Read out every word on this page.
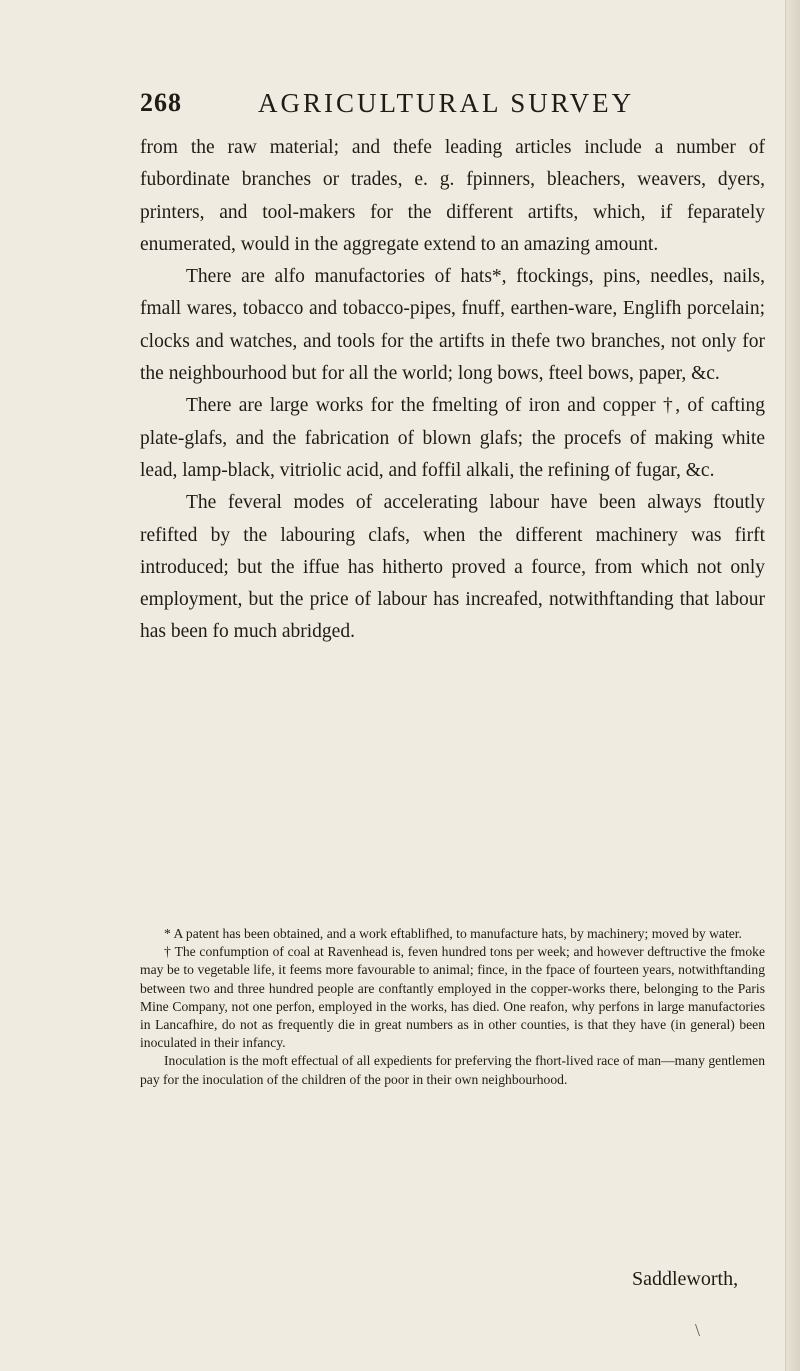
268	AGRICULTURAL SURVEY

from the raw material; and thefe leading articles include a number of fubordinate branches or trades, e. g. fpinners, bleachers, weavers, dyers, printers, and tool-makers for the different artifts, which, if feparately enumerated, would in the aggregate extend to an amazing amount.

There are alfo manufactories of hats*, ftockings, pins, needles, nails, fmall wares, tobacco and tobacco-pipes, fnuff, earthen-ware, Englifh porcelain; clocks and watches, and tools for the artifts in thefe two branches, not only for the neighbourhood but for all the world; long bows, fteel bows, paper, &c.

There are large works for the fmelting of iron and copper †, of cafting plate-glafs, and the fabrication of blown glafs; the procefs of making white lead, lamp-black, vitriolic acid, and foffil alkali, the refining of fugar, &c.

The feveral modes of accelerating labour have been always ftoutly refifted by the labouring clafs, when the different machinery was firft introduced; but the iffue has hitherto proved a fource, from which not only employment, but the price of labour has increafed, notwithftanding that labour has been fo much abridged.

* A patent has been obtained, and a work eftablifhed, to manufacture hats, by machinery; moved by water.

† The confumption of coal at Ravenhead is, feven hundred tons per week; and however deftructive the fmoke may be to vegetable life, it feems more favourable to animal; fince, in the fpace of fourteen years, notwithftanding between two and three hundred people are conftantly employed in the copper-works there, belonging to the Paris Mine Company, not one perfon, employed in the works, has died. One reafon, why perfons in large manufactories in Lancafhire, do not as frequently die in great numbers as in other counties, is that they have (in general) been inoculated in their infancy.

Inoculation is the moft effectual of all expedients for preferving the fhort-lived race of man—many gentlemen pay for the inoculation of the children of the poor in their own neighbourhood.

Saddleworth,
\
